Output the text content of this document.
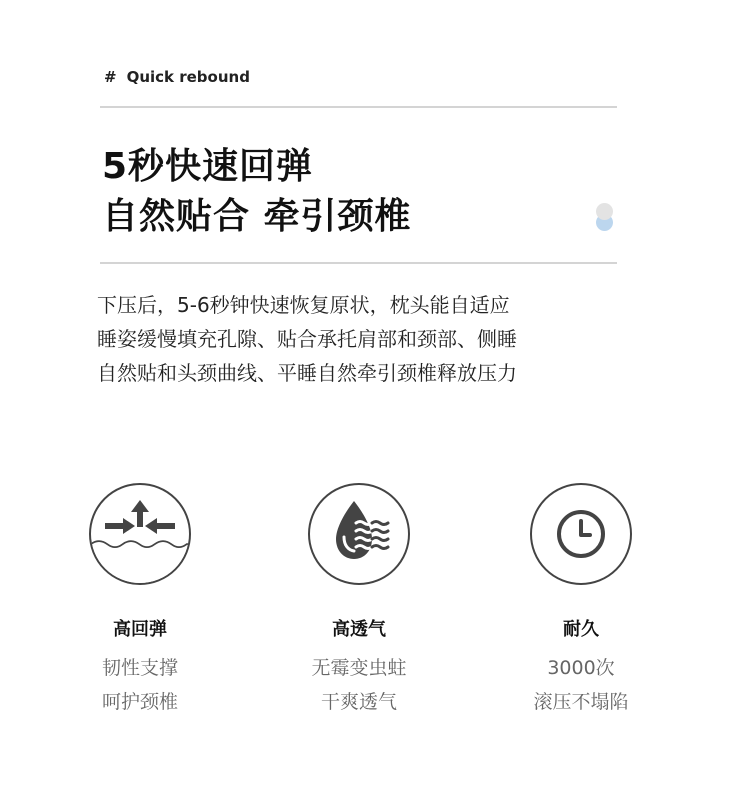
# Quick rebound
5秒快速回弹
自然贴合 牵引颈椎
下压后，5-6秒钟快速恢复原状，枕头能自适应
睡姿缓慢填充孔隙、贴合承托肩部和颈部、侧睡
自然贴和头颈曲线、平睡自然牵引颈椎释放压力
高回弹
韧性支撑
呵护颈椎
高透气
无霉变虫蛀
干爽透气
耐久
3000次
滚压不塌陷
